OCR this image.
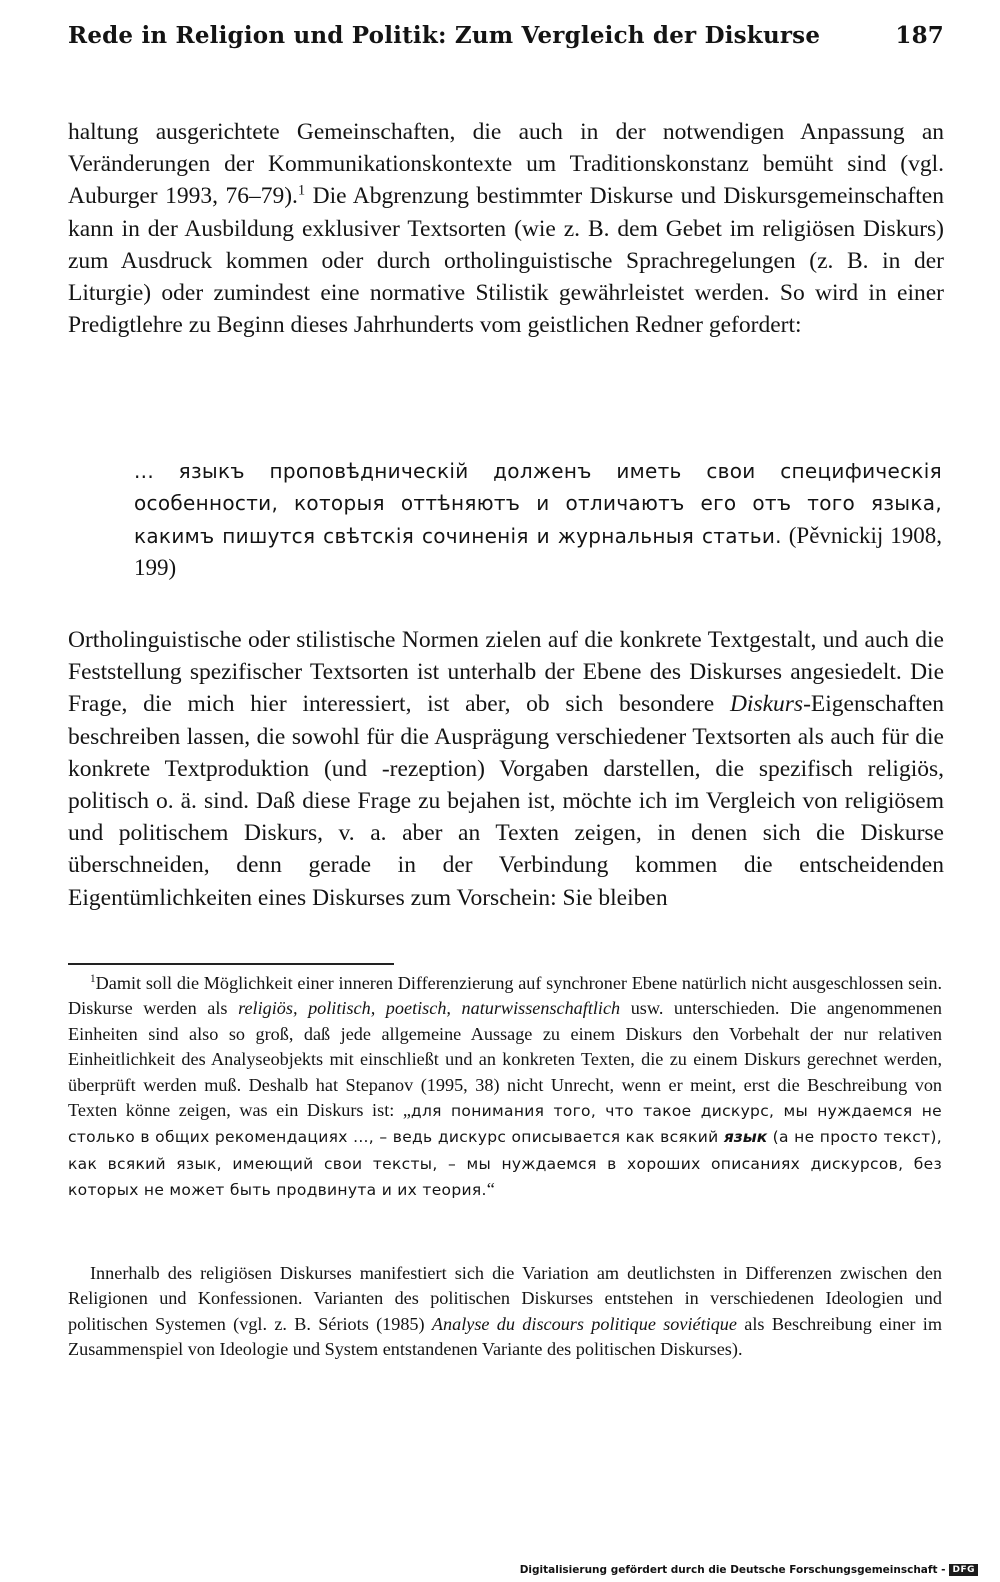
Rede in Religion und Politik: Zum Vergleich der Diskurse	187
haltung ausgerichtete Gemeinschaften, die auch in der notwendigen Anpassung an Veränderungen der Kommunikationskontexte um Traditionskonstanz bemüht sind (vgl. Auburger 1993, 76–79).$^1$ Die Abgrenzung bestimmter Diskurse und Diskursgemeinschaften kann in der Ausbildung exklusiver Textsorten (wie z. B. dem Gebet im religiösen Diskurs) zum Ausdruck kommen oder durch ortholinguistische Sprachregelungen (z. B. in der Liturgie) oder zumindest eine normative Stilistik gewährleistet werden. So wird in einer Predigtlehre zu Beginn dieses Jahrhunderts vom geistlichen Redner gefordert:
... языкъ проповѣдническій долженъ иметь свои специфическія особенности, которыя оттѣняютъ и отличаютъ его отъ того языка, какимъ пишутся свѣтскія сочиненія и журнальныя статьи. (Pěvnickij 1908, 199)
Ortholinguistische oder stilistische Normen zielen auf die konkrete Textgestalt, und auch die Feststellung spezifischer Textsorten ist unterhalb der Ebene des Diskurses angesiedelt. Die Frage, die mich hier interessiert, ist aber, ob sich besondere Diskurs-Eigenschaften beschreiben lassen, die sowohl für die Ausprägung verschiedener Textsorten als auch für die konkrete Textproduktion (und -rezeption) Vorgaben darstellen, die spezifisch religiös, politisch o. ä. sind. Daß diese Frage zu bejahen ist, möchte ich im Vergleich von religiösem und politischem Diskurs, v. a. aber an Texten zeigen, in denen sich die Diskurse überschneiden, denn gerade in der Verbindung kommen die entscheidenden Eigentümlichkeiten eines Diskurses zum Vorschein: Sie bleiben
$^1$Damit soll die Möglichkeit einer inneren Differenzierung auf synchroner Ebene natürlich nicht ausgeschlossen sein. Diskurse werden als religiös, politisch, poetisch, naturwissenschaftlich usw. unterschieden. Die angenommenen Einheiten sind also so groß, daß jede allgemeine Aussage zu einem Diskurs den Vorbehalt der nur relativen Einheitlichkeit des Analyseobjekts mit einschließt und an konkreten Texten, die zu einem Diskurs gerechnet werden, überprüft werden muß. Deshalb hat Stepanov (1995, 38) nicht Unrecht, wenn er meint, erst die Beschreibung von Texten könne zeigen, was ein Diskurs ist: „для понимания того, что такое дискурс, мы нуждаемся не столько в общих рекомендациях ..., – ведь дискурс описывается как всякий язык (а не просто текст), как всякий язык, имеющий свои тексты, – мы нуждаемся в хороших описаниях дискурсов, без которых не может быть продвинута и их теория.“
Innerhalb des religiösen Diskurses manifestiert sich die Variation am deutlichsten in Differenzen zwischen den Religionen und Konfessionen. Varianten des politischen Diskurses entstehen in verschiedenen Ideologien und politischen Systemen (vgl. z. B. Sériots (1985) Analyse du discours politique soviétique als Beschreibung einer im Zusammenspiel von Ideologie und System entstandenen Variante des politischen Diskurses).
Digitalisierung gefördert durch die Deutsche Forschungsgemeinschaft - DFG
